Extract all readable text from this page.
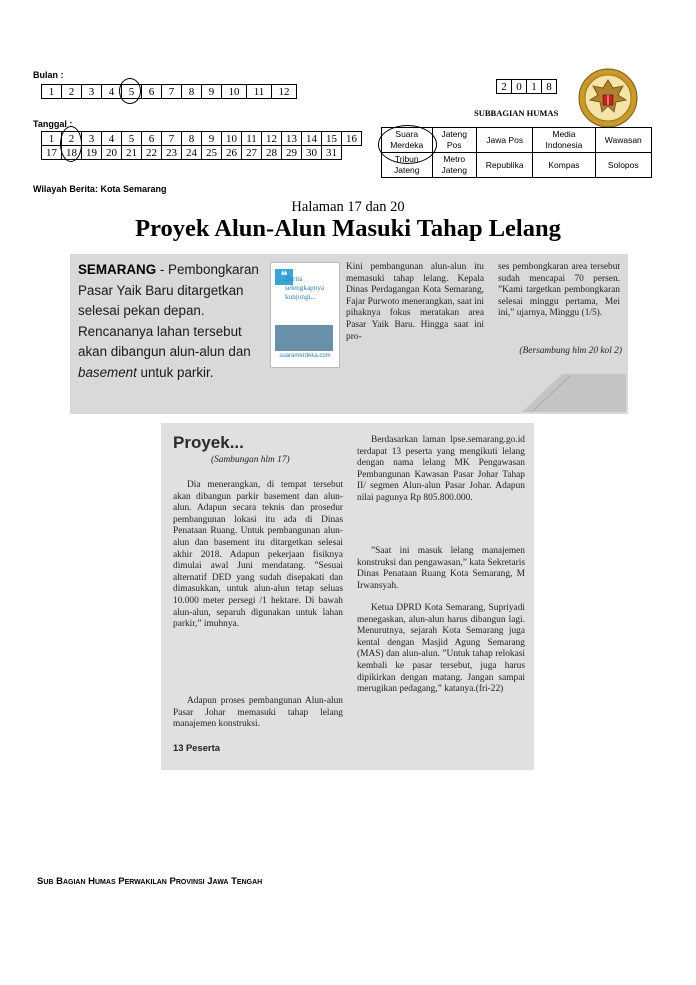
Bulan :
1	2	3	4	5	6	7	8	9	10	11	12
Tanggal :
1	2	3	4	5	6	7	8	9	10	11	12	13	14	15	16
17	18	19	20	21	22	23	24	25	26	27	28	29	30	31	
2	0	1	8
SUBBAGIAN HUMAS
Suara Merdeka	Jateng Pos	Jawa Pos	Media Indonesia	Wawasan
Tribun Jateng	Metro Jateng	Republika	Kompas	Solopos
Wilayah Berita: Kota Semarang
Halaman 17 dan 20
Proyek Alun-Alun Masuki Tahap Lelang
SEMARANG - Pembongkaran Pasar Yaik Baru ditargetkan selesai pekan depan. Rencananya lahan tersebut akan dibangun alun-alun dan basement untuk parkir.
❝
Berita selengkapnya kunjungi...
suaramerdeka.com
Kini pembangunan alun-alun itu memasuki tahap lelang. Kepala Dinas Perdagangan Kota Semarang, Fajar Purwoto menerangkan, saat ini pihaknya fokus meratakan area Pasar Yaik Baru. Hingga saat ini pro-
ses pembongkaran area tersebut sudah mencapai 70 persen. ”Kami targetkan pembongkaran selesai minggu pertama, Mei ini,” ujarnya, Minggu (1/5).
(Bersambung hlm 20 kol 2)
Proyek...
(Sambungan hlm 17)
Dia menerangkan, di tempat tersebut akan dibangun parkir basement dan alun-alun. Adapun secara teknis dan prosedur pembangunan lokasi itu ada di Dinas Penataan Ruang. Untuk pembangunan alun-alun dan basement itu ditargetkan selesai akhir 2018. Adapun pekerjaan fisiknya dimulai awal Juni mendatang. ”Sesuai alternatif DED yang sudah disepakati dan dimasukkan, untuk alun-alun tetap seluas 10.000 meter persegi /1 hektare. Di bawah alun-alun, separuh digunakan untuk lahan parkir,” imuhnya.
Adapun proses pembangunan Alun-alun Pasar Johar memasuki tahap lelang manajemen konstruksi.
13 Peserta
Berdasarkan laman lpse.semarang.go.id terdapat 13 peserta yang mengikuti lelang dengan nama lelang MK Pengawasan Pembangunan Kawasan Pasar Johar Tahap II/ segmen Alun-alun Pasar Johar. Adapun nilai pagunya Rp 805.800.000.
”Saat ini masuk lelang manajemen konstruksi dan pengawasan,” kata Sekretaris Dinas Penataan Ruang Kota Semarang, M Irwansyah.
Ketua DPRD Kota Semarang, Supriyadi menegaskan, alun-alun harus dibangun lagi. Menurutnya, sejarah Kota Semarang juga kental dengan Masjid Agung Semarang (MAS) dan alun-alun. ”Untuk tahap relokasi kembali ke pasar tersebut, juga harus dipikirkan dengan matang. Jangan sampai merugikan pedagang,” katanya.(fri-22)
Sub Bagian Humas Perwakilan Provinsi Jawa Tengah
